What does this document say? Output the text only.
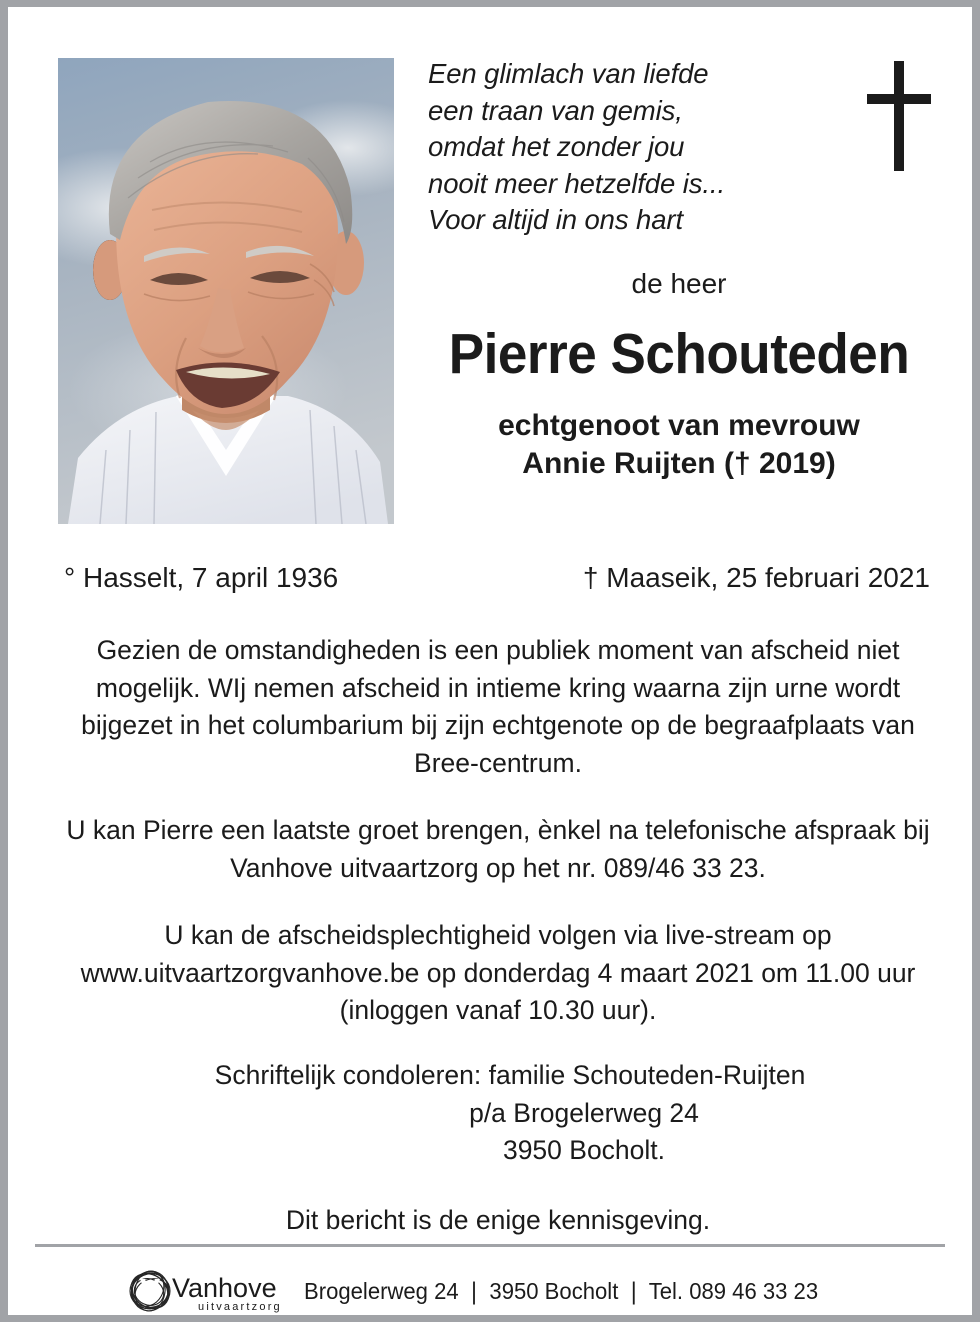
Een glimlach van liefde
een traan van gemis,
omdat het zonder jou
nooit meer hetzelfde is...
Voor altijd in ons hart
de heer
Pierre Schouteden
echtgenoot van mevrouw
Annie Ruijten († 2019)
° Hasselt, 7 april 1936	† Maaseik, 25 februari 2021
Gezien de omstandigheden is een publiek moment van afscheid niet mogelijk. WIj nemen afscheid in intieme kring waarna zijn urne wordt bijgezet in het columbarium bij zijn echtgenote op de begraafplaats van Bree-centrum.
U kan Pierre een laatste groet brengen, ènkel na telefonische afspraak bij Vanhove uitvaartzorg op het nr. 089/46 33 23.
U kan de afscheidsplechtigheid volgen via live-stream op www.uitvaartzorgvanhove.be op donderdag 4 maart 2021 om 11.00 uur (inloggen vanaf 10.30 uur).
Schriftelijk condoleren: familie Schouteden-Ruijten
p/a Brogelerweg 24
3950 Bocholt.
Dit bericht is de enige kennisgeving.
Vanhove
uitvaartzorg
Brogelerweg 24 ❘ 3950 Bocholt ❘ Tel. 089 46 33 23
